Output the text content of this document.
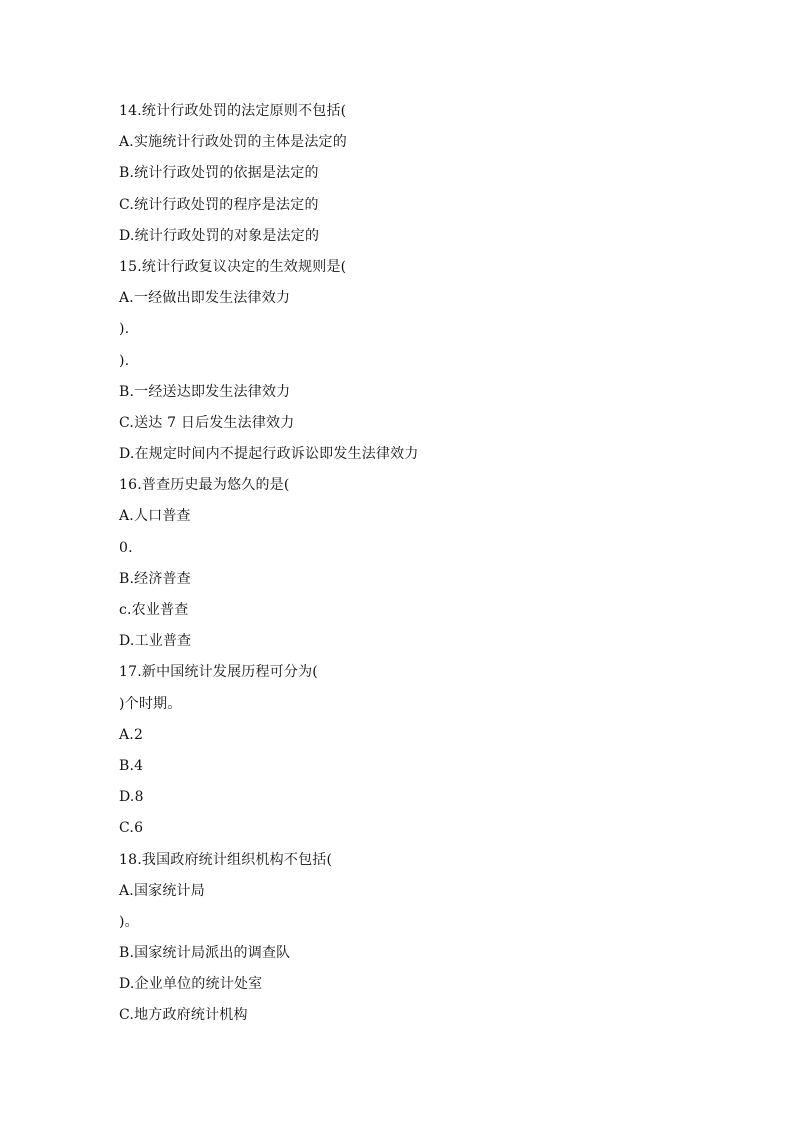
14.统计行政处罚的法定原则不包括(
A.实施统计行政处罚的主体是法定的
B.统计行政处罚的依据是法定的
C.统计行政处罚的程序是法定的
D.统计行政处罚的对象是法定的
15.统计行政复议决定的生效规则是(
A.一经做出即发生法律效力
).
).
B.一经送达即发生法律效力
C.送达 7 日后发生法律效力
D.在规定时间内不提起行政诉讼即发生法律效力
16.普查历史最为悠久的是(
A.人口普查
0.
B.经济普查
c.农业普查
D.工业普查
17.新中国统计发展历程可分为(
)个时期。
A.2
B.4
D.8
C.6
18.我国政府统计组织机构不包括(
A.国家统计局
)。
B.国家统计局派出的调查队
D.企业单位的统计处室
C.地方政府统计机构
